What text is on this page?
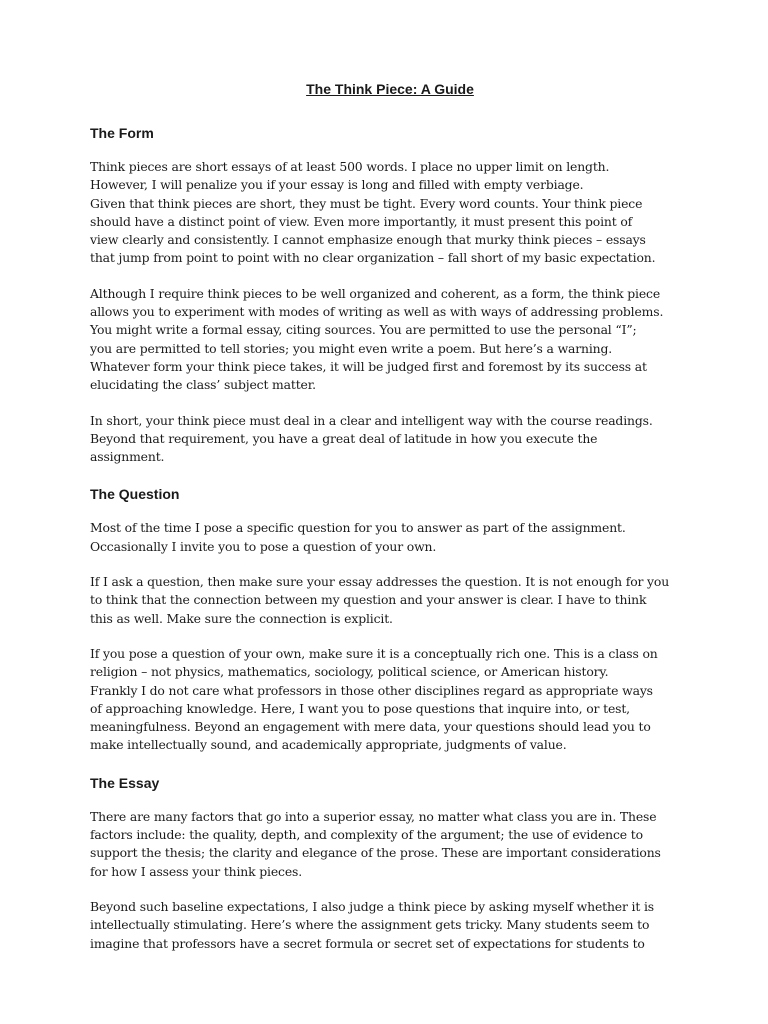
The Think Piece: A Guide
The Form
Think pieces are short essays of at least 500 words. I place no upper limit on length.
However, I will penalize you if your essay is long and filled with empty verbiage.
Given that think pieces are short, they must be tight. Every word counts. Your think piece
should have a distinct point of view. Even more importantly, it must present this point of
view clearly and consistently. I cannot emphasize enough that murky think pieces – essays
that jump from point to point with no clear organization – fall short of my basic expectation.
Although I require think pieces to be well organized and coherent, as a form, the think piece
allows you to experiment with modes of writing as well as with ways of addressing problems.
You might write a formal essay, citing sources. You are permitted to use the personal “I”;
you are permitted to tell stories; you might even write a poem. But here’s a warning.
Whatever form your think piece takes, it will be judged first and foremost by its success at
elucidating the class’ subject matter.
In short, your think piece must deal in a clear and intelligent way with the course readings.
Beyond that requirement, you have a great deal of latitude in how you execute the
assignment.
The Question
Most of the time I pose a specific question for you to answer as part of the assignment.
Occasionally I invite you to pose a question of your own.
If I ask a question, then make sure your essay addresses the question. It is not enough for you
to think that the connection between my question and your answer is clear. I have to think
this as well. Make sure the connection is explicit.
If you pose a question of your own, make sure it is a conceptually rich one. This is a class on
religion – not physics, mathematics, sociology, political science, or American history.
Frankly I do not care what professors in those other disciplines regard as appropriate ways
of approaching knowledge. Here, I want you to pose questions that inquire into, or test,
meaningfulness. Beyond an engagement with mere data, your questions should lead you to
make intellectually sound, and academically appropriate, judgments of value.
The Essay
There are many factors that go into a superior essay, no matter what class you are in. These
factors include: the quality, depth, and complexity of the argument; the use of evidence to
support the thesis; the clarity and elegance of the prose. These are important considerations
for how I assess your think pieces.
Beyond such baseline expectations, I also judge a think piece by asking myself whether it is
intellectually stimulating. Here’s where the assignment gets tricky. Many students seem to
imagine that professors have a secret formula or secret set of expectations for students to
